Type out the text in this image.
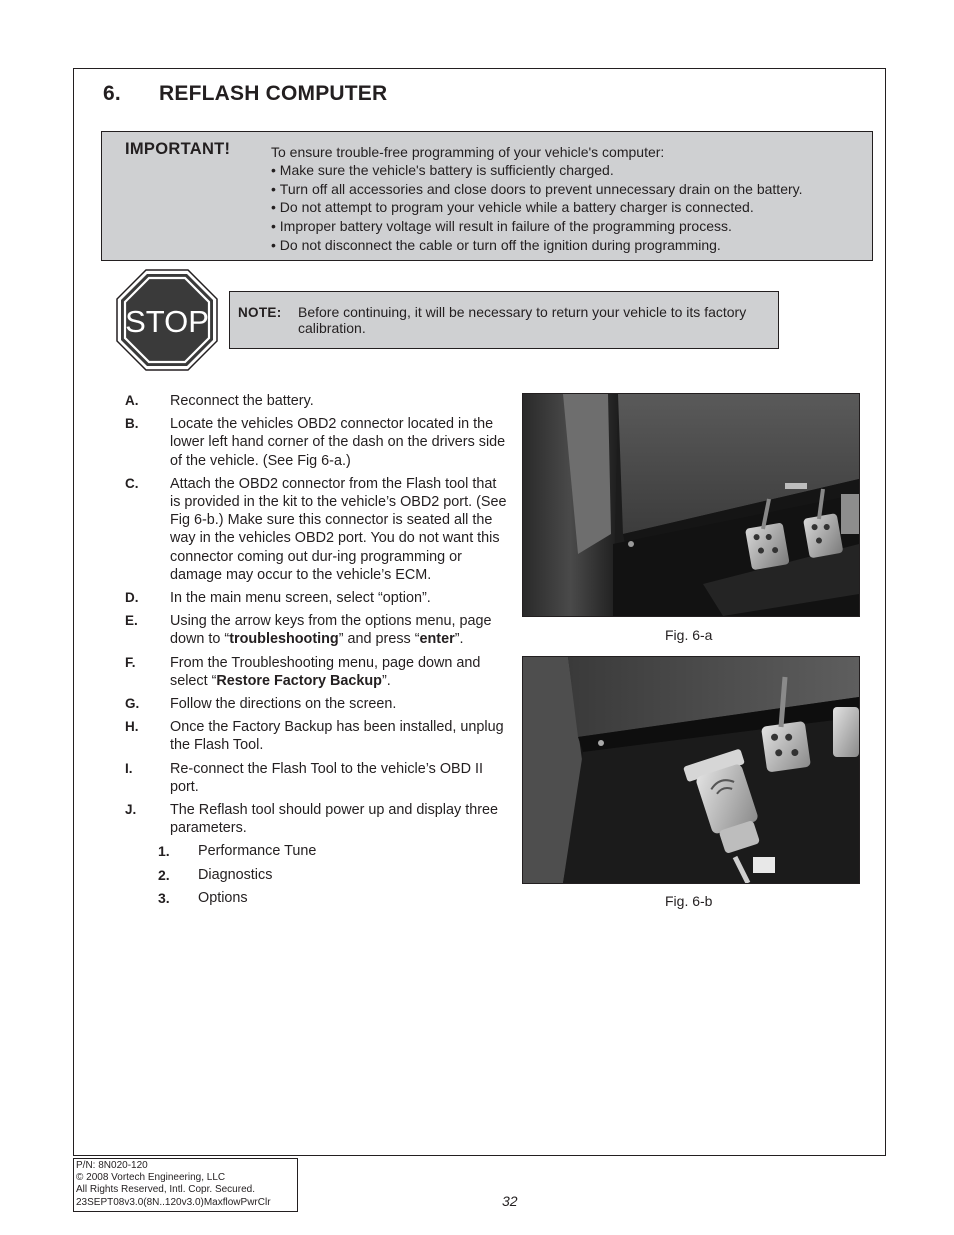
6. REFLASH COMPUTER
IMPORTANT!	To ensure trouble-free programming of your vehicle's computer:
• Make sure the vehicle's battery is sufficiently charged.
• Turn off all accessories and close doors to prevent unnecessary drain on the battery.
• Do not attempt to program your vehicle while a battery charger is connected.
• Improper battery voltage will result in failure of the programming process.
• Do not disconnect the cable or turn off the ignition during programming.
STOP NOTE: Before continuing, it will be necessary to return your vehicle to its factory calibration.
A. Reconnect the battery.
B. Locate the vehicles OBD2 connector located in the lower left hand corner of the dash on the drivers side of the vehicle. (See Fig 6-a.)
C. Attach the OBD2 connector from the Flash tool that is provided in the kit to the vehicle’s OBD2 port. (See Fig 6-b.) Make sure this connector is seated all the way in the vehicles OBD2 port. You do not want this connector coming out dur-ing programming or damage may occur to the vehicle’s ECM.
D. In the main menu screen, select “option”.
E. Using the arrow keys from the options menu, page down to “troubleshooting” and press “enter”.
F. From the Troubleshooting menu, page down and select “Restore Factory Backup”.
G. Follow the directions on the screen.
H. Once the Factory Backup has been installed, unplug the Flash Tool.
I.	Re-connect the Flash Tool to the vehicle’s OBD II port.
J. The Reflash tool should power up and display three parameters.
1. Performance Tune
2. Diagnostics
3. Options
Fig. 6-a
Fig. 6-b
P/N: 8N020-120
© 2008 Vortech Engineering, LLC
All Rights Reserved, Intl. Copr. Secured.
23SEPT08v3.0(8N..120v3.0)MaxflowPwrClr	32
